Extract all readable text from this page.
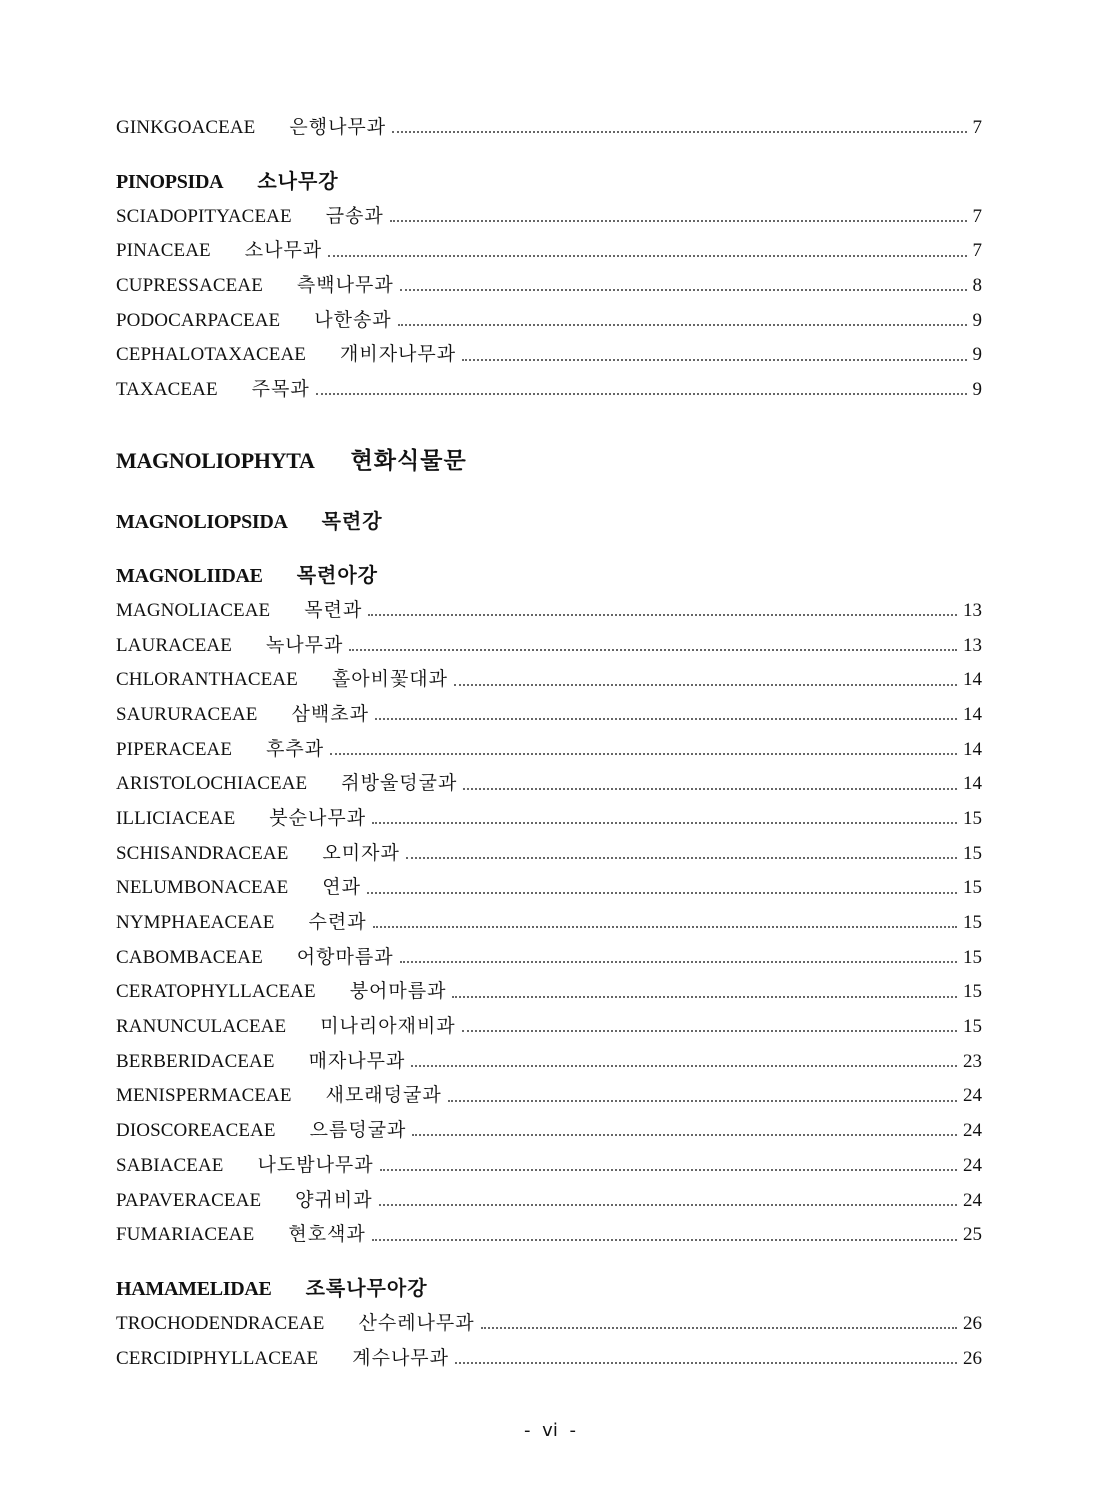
GINKGOACEAE 은행나무과	7
PINOPSIDA 소나무강
SCIADOPITYACEAE 금송과	7
PINACEAE 소나무과	7
CUPRESSACEAE 측백나무과	8
PODOCARPACEAE 나한송과	9
CEPHALOTAXACEAE 개비자나무과	9
TAXACEAE 주목과	9
MAGNOLIOPHYTA 현화식물문
MAGNOLIOPSIDA 목련강
MAGNOLIIDAE 목련아강
MAGNOLIACEAE 목련과	13
LAURACEAE 녹나무과	13
CHLORANTHACEAE 홀아비꽃대과	14
SAURURACEAE 삼백초과	14
PIPERACEAE 후추과	14
ARISTOLOCHIACEAE 쥐방울덩굴과	14
ILLICIACEAE 붓순나무과	15
SCHISANDRACEAE 오미자과	15
NELUMBONACEAE 연과	15
NYMPHAEACEAE 수련과	15
CABOMBACEAE 어항마름과	15
CERATOPHYLLACEAE 붕어마름과	15
RANUNCULACEAE 미나리아재비과	15
BERBERIDACEAE 매자나무과	23
MENISPERMACEAE 새모래덩굴과	24
DIOSCOREACEAE 으름덩굴과	24
SABIACEAE 나도밤나무과	24
PAPAVERACEAE 양귀비과	24
FUMARIACEAE 현호색과	25
HAMAMELIDAE 조록나무아강
TROCHODENDRACEAE 산수레나무과	26
CERCIDIPHYLLACEAE 계수나무과	26
- vi -
